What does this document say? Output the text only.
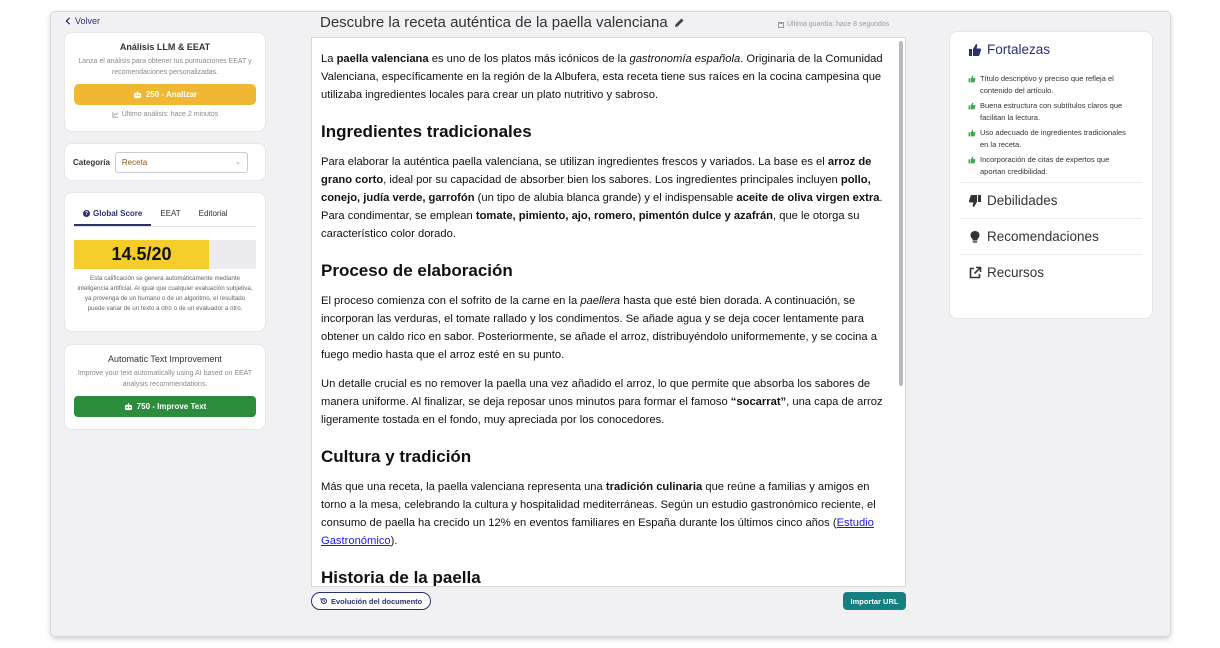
Volver
Análisis LLM & EEAT

Lanza el análisis para obtener tus puntuaciones EEAT y recomendaciones personalizadas.

250 - Analizar
Último análisis: hace 2 minutos
Categoría Receta	⌄
? Global Score	EEAT	Editorial
14.5/20

Esta calificación se genera automáticamente mediante inteligencia artificial. Al igual que cualquier evaluación subjetiva, ya provenga de un humano o de un algoritmo, el resultado puede variar de un texto a otro o de un evaluador a otro.

Automatic Text Improvement

Improve your text automatically using AI based on EEAT analysis recommendations.

750 - Improve Text
Descubre la receta auténtica de la paella valenciana	Última guardia: hace 8 segundos

La paella valenciana es uno de los platos más icónicos de la gastronomía española. Originaria de la Comunidad Valenciana, específicamente en la región de la Albufera, esta receta tiene sus raíces en la cocina campesina que utilizaba ingredientes locales para crear un plato nutritivo y sabroso.

Ingredientes tradicionales

Para elaborar la auténtica paella valenciana, se utilizan ingredientes frescos y variados. La base es el arroz de grano corto, ideal por su capacidad de absorber bien los sabores. Los ingredientes principales incluyen pollo, conejo, judía verde, garrofón (un tipo de alubia blanca grande) y el indispensable aceite de oliva virgen extra. Para condimentar, se emplean tomate, pimiento, ajo, romero, pimentón dulce y azafrán, que le otorga su característico color dorado.

Proceso de elaboración

El proceso comienza con el sofrito de la carne en la paellera hasta que esté bien dorada. A continuación, se incorporan las verduras, el tomate rallado y los condimentos. Se añade agua y se deja cocer lentamente para obtener un caldo rico en sabor. Posteriormente, se añade el arroz, distribuyéndolo uniformemente, y se cocina a fuego medio hasta que el arroz esté en su punto.

Un detalle crucial es no remover la paella una vez añadido el arroz, lo que permite que absorba los sabores de manera uniforme. Al finalizar, se deja reposar unos minutos para formar el famoso “socarrat”, una capa de arroz ligeramente tostada en el fondo, muy apreciada por los conocedores.

Cultura y tradición

Más que una receta, la paella valenciana representa una tradición culinaria que reúne a familias y amigos en torno a la mesa, celebrando la cultura y hospitalidad mediterráneas. Según un estudio gastronómico reciente, el consumo de paella ha crecido un 12% en eventos familiares en España durante los últimos cinco años (Estudio Gastronómico).

Historia de la paella
Evolución del documento	Importar URL
Fortalezas
Título descriptivo y preciso que refleja el contenido del artículo.
Buena estructura con subtítulos claros que facilitan la lectura.
Uso adecuado de ingredientes tradicionales en la receta.
Incorporación de citas de expertos que aportan credibilidad.
Debilidades
Recomendaciones
Recursos
